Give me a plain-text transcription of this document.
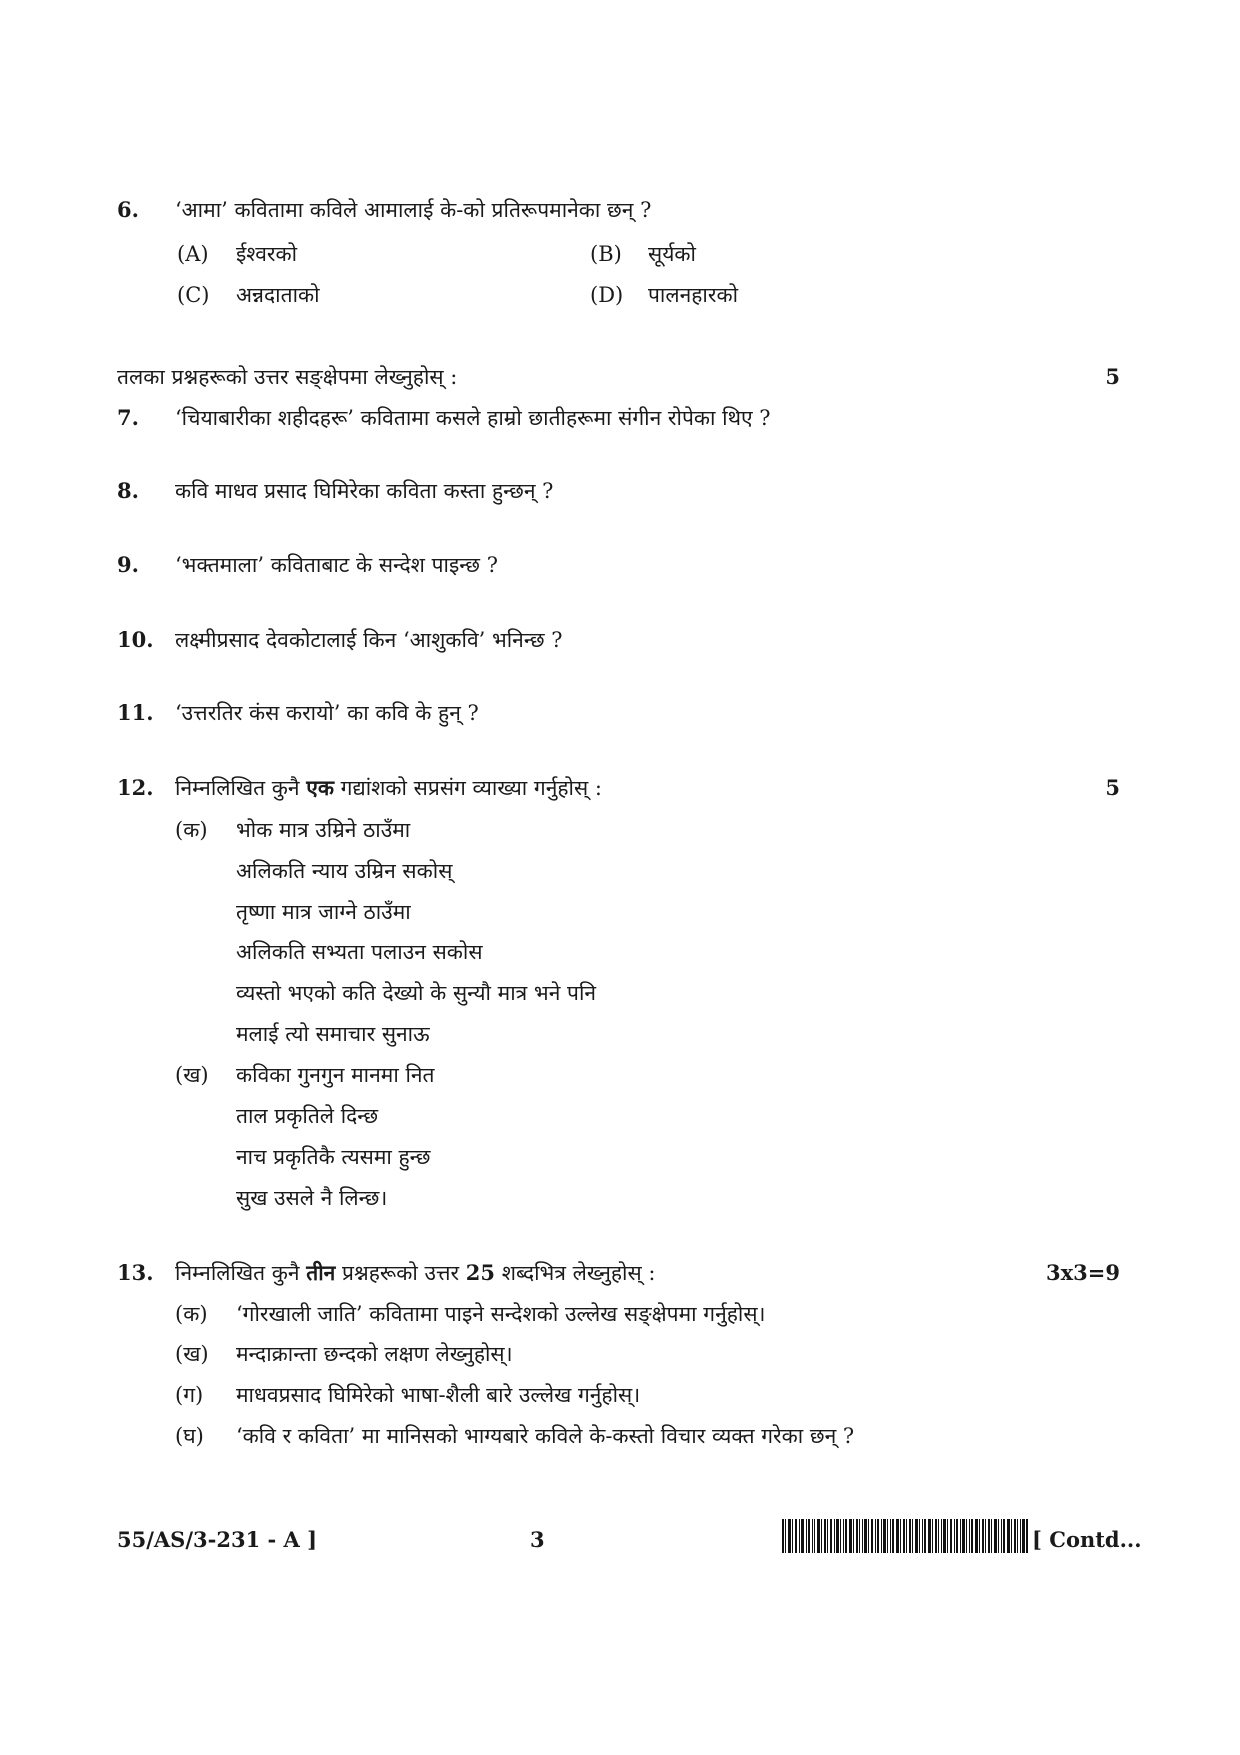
6. ‘आमा’ कवितामा कविले आमालाई के-को प्रतिरूपमानेका छन् ?
(A) ईश्वरको	(B) सूर्यको
(C) अन्नदाताको	(D) पालनहारको
तलका प्रश्नहरूको उत्तर सङ्क्षेपमा लेख्नुहोस् :	5
7. ‘चियाबारीका शहीदहरू’ कवितामा कसले हाम्रो छातीहरूमा संगीन रोपेका थिए ?
8. कवि माधव प्रसाद घिमिरेका कविता कस्ता हुन्छन् ?
9. ‘भक्तमाला’ कविताबाट के सन्देश पाइन्छ ?
10. लक्ष्मीप्रसाद देवकोटालाई किन ‘आशुकवि’ भनिन्छ ?
11. ‘उत्तरतिर कंस करायो’ का कवि के हुन् ?
12. निम्नलिखित कुनै एक गद्यांशको सप्रसंग व्याख्या गर्नुहोस् :	5
(क) भोक मात्र उम्रिने ठाउँमा
अलिकति न्याय उम्रिन सकोस्
तृष्णा मात्र जाग्ने ठाउँमा
अलिकति सभ्यता पलाउन सकोस
व्यस्तो भएको कति देख्यो के सुन्यौ मात्र भने पनि
मलाई त्यो समाचार सुनाऊ
(ख) कविका गुनगुन मानमा नित
ताल प्रकृतिले दिन्छ
नाच प्रकृतिकै त्यसमा हुन्छ
सुख उसले नै लिन्छ।
13. निम्नलिखित कुनै तीन प्रश्नहरूको उत्तर 25 शब्दभित्र लेख्नुहोस् :	3x3=9
(क) ‘गोरखाली जाति’ कवितामा पाइने सन्देशको उल्लेख सङ्क्षेपमा गर्नुहोस्।
(ख) मन्दाक्रान्ता छन्दको लक्षण लेख्नुहोस्।
(ग) माधवप्रसाद घिमिरेको भाषा-शैली बारे उल्लेख गर्नुहोस्।
(घ) ‘कवि र कविता’ मा मानिसको भाग्यबारे कविले के-कस्तो विचार व्यक्त गरेका छन् ?
55/AS/3-231 - A ]	3	[ Contd...
